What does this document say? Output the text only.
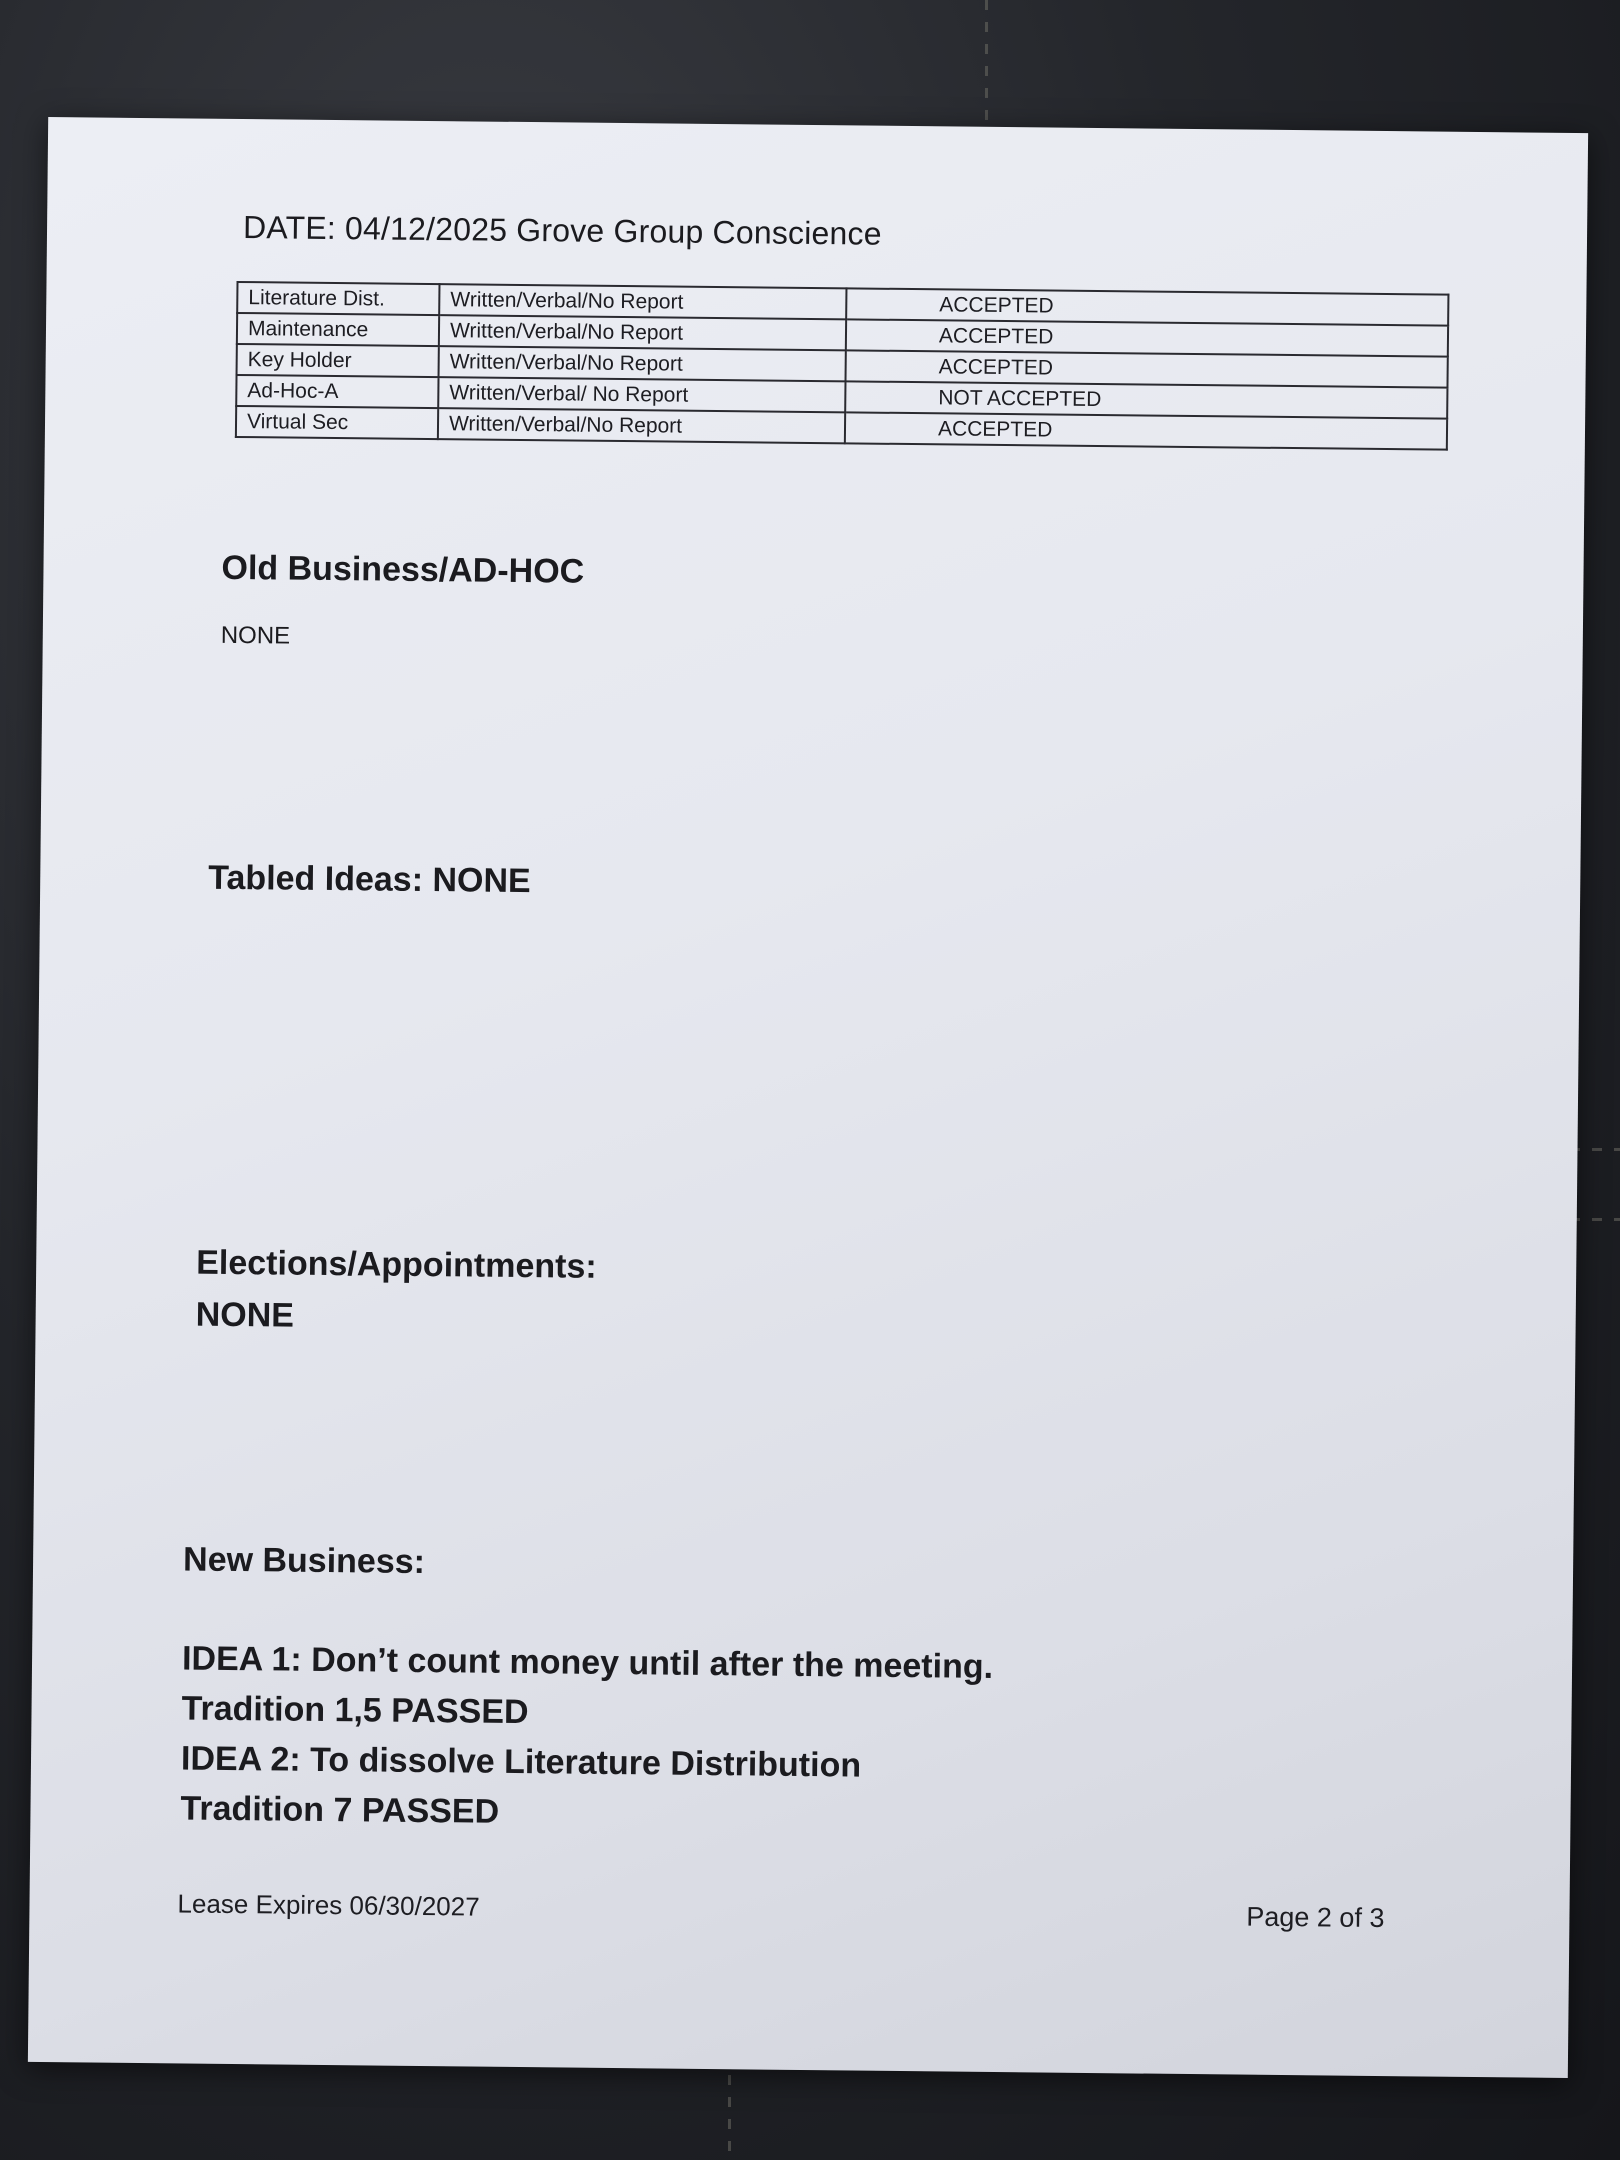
DATE: 04/12/2025 Grove Group Conscience
Literature Dist.	Written/Verbal/No Report	ACCEPTED
Maintenance	Written/Verbal/No Report	ACCEPTED
Key Holder	Written/Verbal/No Report	ACCEPTED
Ad-Hoc-A	Written/Verbal/ No Report	NOT ACCEPTED
Virtual Sec	Written/Verbal/No Report	ACCEPTED
Old Business/AD-HOC
NONE
Tabled Ideas: NONE
Elections/Appointments:
NONE
New Business:
IDEA 1: Don’t count money until after the meeting.
Tradition 1,5 PASSED
IDEA 2: To dissolve Literature Distribution
Tradition 7 PASSED
Lease Expires 06/30/2027	Page 2 of 3
